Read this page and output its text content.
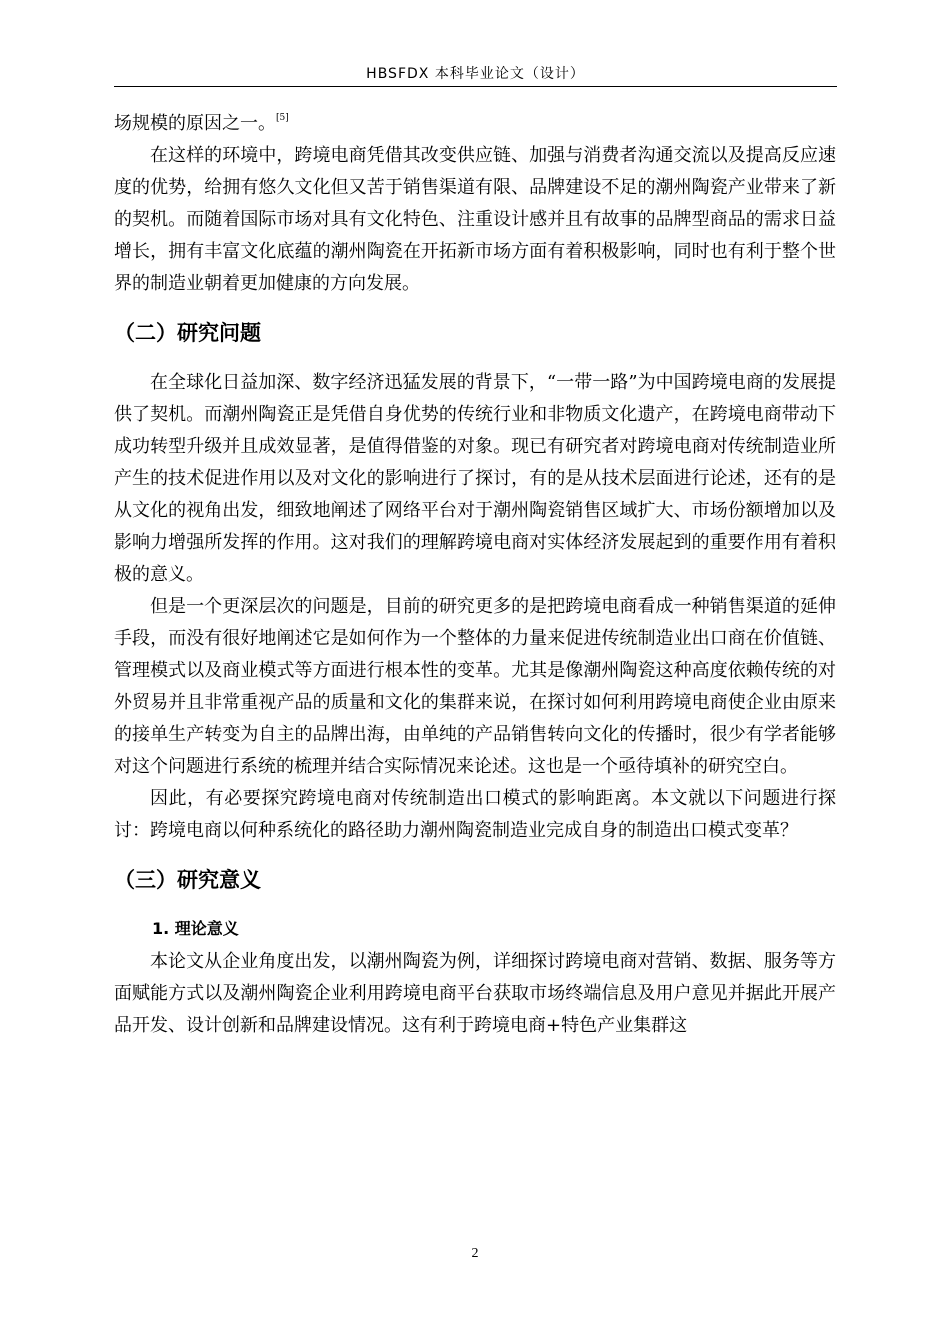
HBSFDX 本科毕业论文（设计）

场规模的原因之一。[5]

在这样的环境中，跨境电商凭借其改变供应链、加强与消费者沟通交流以及提高反应速度的优势，给拥有悠久文化但又苦于销售渠道有限、品牌建设不足的潮州陶瓷产业带来了新的契机。而随着国际市场对具有文化特色、注重设计感并且有故事的品牌型商品的需求日益增长，拥有丰富文化底蕴的潮州陶瓷在开拓新市场方面有着积极影响，同时也有利于整个世界的制造业朝着更加健康的方向发展。

（二）研究问题

在全球化日益加深、数字经济迅猛发展的背景下，“一带一路”为中国跨境电商的发展提供了契机。而潮州陶瓷正是凭借自身优势的传统行业和非物质文化遗产，在跨境电商带动下成功转型升级并且成效显著，是值得借鉴的对象。现已有研究者对跨境电商对传统制造业所产生的技术促进作用以及对文化的影响进行了探讨，有的是从技术层面进行论述，还有的是从文化的视角出发，细致地阐述了网络平台对于潮州陶瓷销售区域扩大、市场份额增加以及影响力增强所发挥的作用。这对我们的理解跨境电商对实体经济发展起到的重要作用有着积极的意义。

但是一个更深层次的问题是，目前的研究更多的是把跨境电商看成一种销售渠道的延伸手段，而没有很好地阐述它是如何作为一个整体的力量来促进传统制造业出口商在价值链、管理模式以及商业模式等方面进行根本性的变革。尤其是像潮州陶瓷这种高度依赖传统的对外贸易并且非常重视产品的质量和文化的集群来说，在探讨如何利用跨境电商使企业由原来的接单生产转变为自主的品牌出海，由单纯的产品销售转向文化的传播时，很少有学者能够对这个问题进行系统的梳理并结合实际情况来论述。这也是一个亟待填补的研究空白。

因此，有必要探究跨境电商对传统制造出口模式的影响距离。本文就以下问题进行探讨：跨境电商以何种系统化的路径助力潮州陶瓷制造业完成自身的制造出口模式变革？

（三）研究意义
1. 理论意义

本论文从企业角度出发，以潮州陶瓷为例，详细探讨跨境电商对营销、数据、服务等方面赋能方式以及潮州陶瓷企业利用跨境电商平台获取市场终端信息及用户意见并据此开展产品开发、设计创新和品牌建设情况。这有利于跨境电商+特色产业集群这

2
